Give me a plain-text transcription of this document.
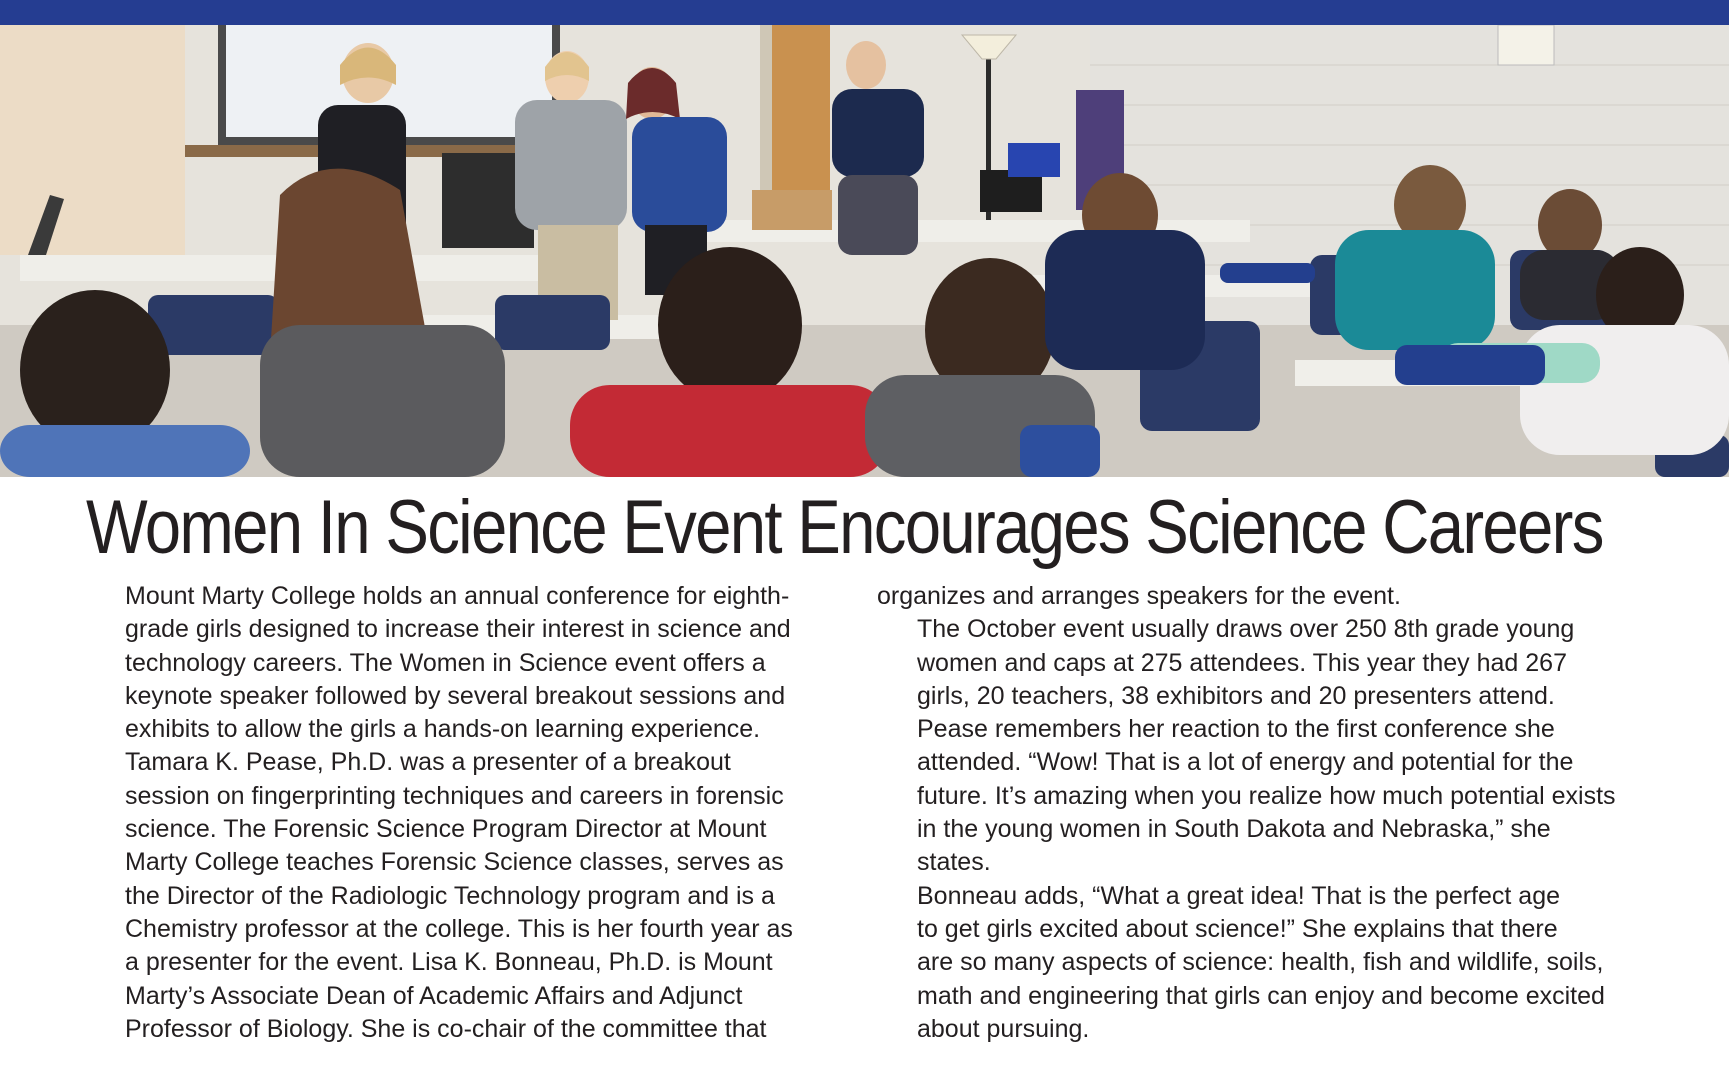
Women In Science Event Encourages Science Careers

Mount Marty College holds an annual conference for eighth-
grade girls designed to increase their interest in science and
technology careers. The Women in Science event offers a
keynote speaker followed by several breakout sessions and
exhibits to allow the girls a hands-on learning experience.

Tamara K. Pease, Ph.D. was a presenter of a breakout
session on fingerprinting techniques and careers in forensic
science. The Forensic Science Program Director at Mount
Marty College teaches Forensic Science classes, serves as
the Director of the Radiologic Technology program and is a
Chemistry professor at the college. This is her fourth year as
a presenter for the event. Lisa K. Bonneau, Ph.D. is Mount
Marty’s Associate Dean of Academic Affairs and Adjunct
Professor of Biology. She is co-chair of the committee that

organizes and arranges speakers for the event.

The October event usually draws over 250 8th grade young
women and caps at 275 attendees. This year they had 267
girls, 20 teachers, 38 exhibitors and 20 presenters attend.
Pease remembers her reaction to the first conference she
attended. “Wow! That is a lot of energy and potential for the
future. It’s amazing when you realize how much potential exists
in the young women in South Dakota and Nebraska,” she
states.

Bonneau adds, “What a great idea! That is the perfect age
to get girls excited about science!” She explains that there
are so many aspects of science: health, fish and wildlife, soils,
math and engineering that girls can enjoy and become excited
about pursuing.
